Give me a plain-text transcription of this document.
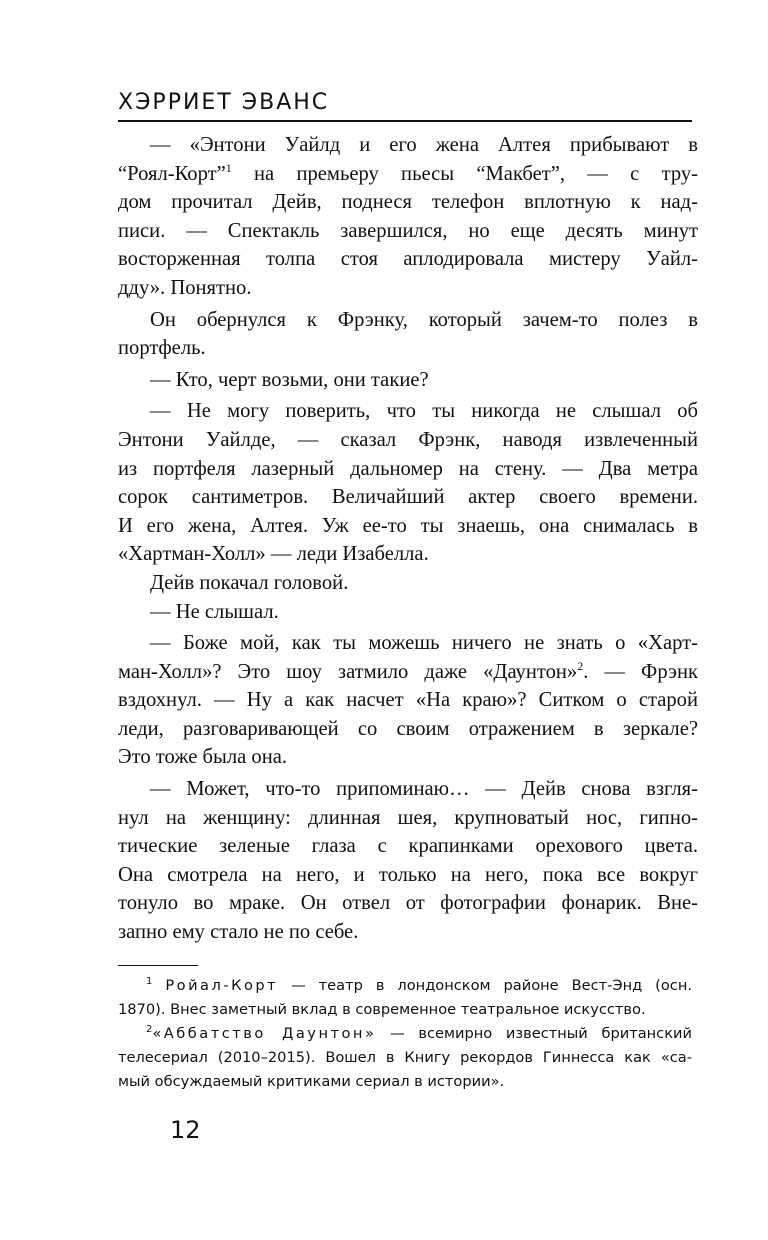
ХЭРРИЕТ ЭВАНС
— «Энтони Уайлд и его жена Алтея прибывают в
“Роял-Корт”$^1$ на премьеру пьесы “Макбет”, — с тру-
дом прочитал Дейв, поднеся телефон вплотную к над-
писи. — Спектакль завершился, но еще десять минут
восторженная толпа стоя аплодировала мистеру Уайл-
дду». Понятно.
Он обернулся к Фрэнку, который зачем-то полез в
портфель.
— Кто, черт возьми, они такие?
— Не могу поверить, что ты никогда не слышал об
Энтони Уайлде, — сказал Фрэнк, наводя извлеченный
из портфеля лазерный дальномер на стену. — Два метра
сорок сантиметров. Величайший актер своего времени.
И его жена, Алтея. Уж ее-то ты знаешь, она снималась в
«Хартман-Холл» — леди Изабелла.
Дейв покачал головой.
— Не слышал.
— Боже мой, как ты можешь ничего не знать о «Харт-
ман-Холл»? Это шоу затмило даже «Даунтон»$^2$. — Фрэнк
вздохнул. — Ну а как насчет «На краю»? Ситком о старой
леди, разговаривающей со своим отражением в зеркале?
Это тоже была она.
— Может, что-то припоминаю… — Дейв снова взгля-
нул на женщину: длинная шея, крупноватый нос, гипно-
тические зеленые глаза с крапинками орехового цвета.
Она смотрела на него, и только на него, пока все вокруг
тонуло во мраке. Он отвел от фотографии фонарик. Вне-
запно ему стало не по себе.
$^1$ Ройал-Корт — театр в лондонском районе Вест-Энд (осн.
1870). Внес заметный вклад в современное театральное искусство.
$^2$«Аббатство Даунтон» — всемирно известный британский
телесериал (2010–2015). Вошел в Книгу рекордов Гиннесса как «са-
мый обсуждаемый критиками сериал в истории».
12
